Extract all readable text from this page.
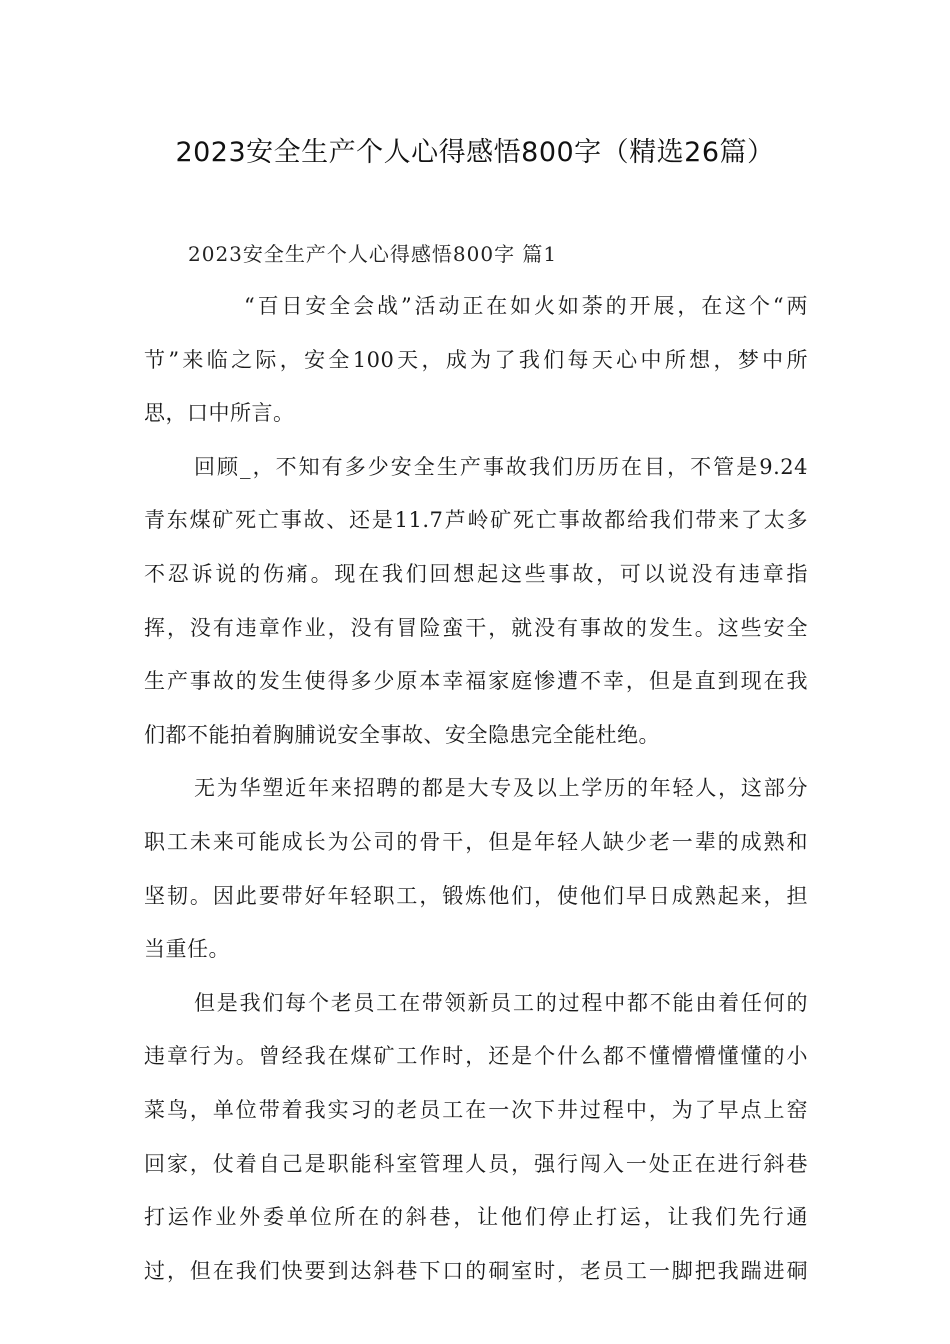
2023安全生产个人心得感悟800字（精选26篇）
2023安全生产个人心得感悟800字 篇1
“百日安全会战”活动正在如火如荼的开展，在这个“两
节”来临之际，安全100天，成为了我们每天心中所想，梦中所
思，口中所言。
回顾_，不知有多少安全生产事故我们历历在目，不管是9.24
青东煤矿死亡事故、还是11.7芦岭矿死亡事故都给我们带来了太多
不忍诉说的伤痛。现在我们回想起这些事故，可以说没有违章指
挥，没有违章作业，没有冒险蛮干，就没有事故的发生。这些安全
生产事故的发生使得多少原本幸福家庭惨遭不幸，但是直到现在我
们都不能拍着胸脯说安全事故、安全隐患完全能杜绝。
无为华塑近年来招聘的都是大专及以上学历的年轻人，这部分
职工未来可能成长为公司的骨干，但是年轻人缺少老一辈的成熟和
坚韧。因此要带好年轻职工，锻炼他们，使他们早日成熟起来，担
当重任。
但是我们每个老员工在带领新员工的过程中都不能由着任何的
违章行为。曾经我在煤矿工作时，还是个什么都不懂懵懵懂懂的小
菜鸟，单位带着我实习的老员工在一次下井过程中，为了早点上窑
回家，仗着自己是职能科室管理人员，强行闯入一处正在进行斜巷
打运作业外委单位所在的斜巷，让他们停止打运，让我们先行通
过，但在我们快要到达斜巷下口的硐室时，老员工一脚把我踹进硐
